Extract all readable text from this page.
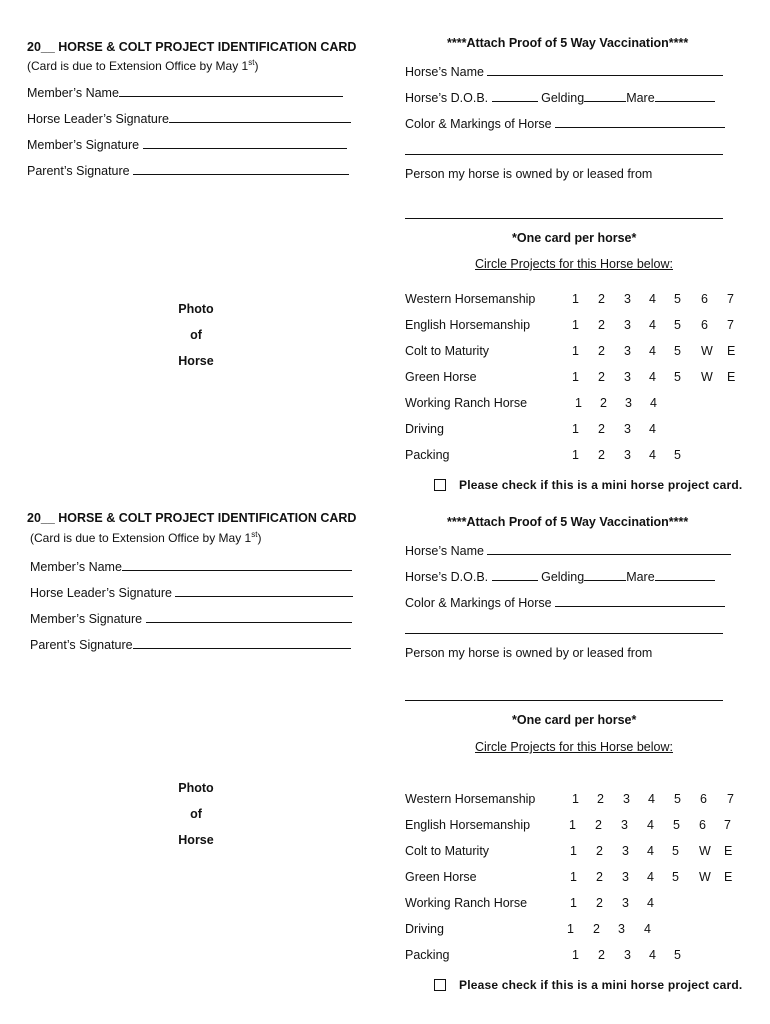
20__ HORSE & COLT PROJECT IDENTIFICATION CARD
(Card is due to Extension Office by May 1st)
Member’s Name
Horse Leader’s Signature
Member’s Signature
Parent’s Signature
Photo
of
Horse
****Attach Proof of 5 Way Vaccination****
Horse’s Name
Horse’s D.O.B.	Gelding	Mare
Color & Markings of Horse
Person my horse is owned by or leased from
*One card per horse*
Circle Projects for this Horse below:
Western Horsemanship	1 2 3 4 5 6 7
English Horsemanship	1 2 3 4 5 6 7
Colt to Maturity	1 2 3 4 5 W E
Green Horse	1 2 3 4 5 W E
Working Ranch Horse	1 2 3 4
Driving	1 2 3 4
Packing	1 2 3 4 5
Please check if this is a mini horse project card.
20__ HORSE & COLT PROJECT IDENTIFICATION CARD
(Card is due to Extension Office by May 1st)
Member’s Name
Horse Leader’s Signature
Member’s Signature
Parent’s Signature
Photo
of
Horse
****Attach Proof of 5 Way Vaccination****
Horse’s Name
Horse’s D.O.B.	Gelding	Mare
Color & Markings of Horse
Person my horse is owned by or leased from
*One card per horse*
Circle Projects for this Horse below:
Western Horsemanship	1 2 3 4 5 6 7
English Horsemanship	1 2 3 4 5 6 7
Colt to Maturity	1 2 3 4 5 W E
Green Horse	1 2 3 4 5 W E
Working Ranch Horse	1 2 3 4
Driving	1 2 3 4
Packing	1 2 3 4 5
Please check if this is a mini horse project card.
